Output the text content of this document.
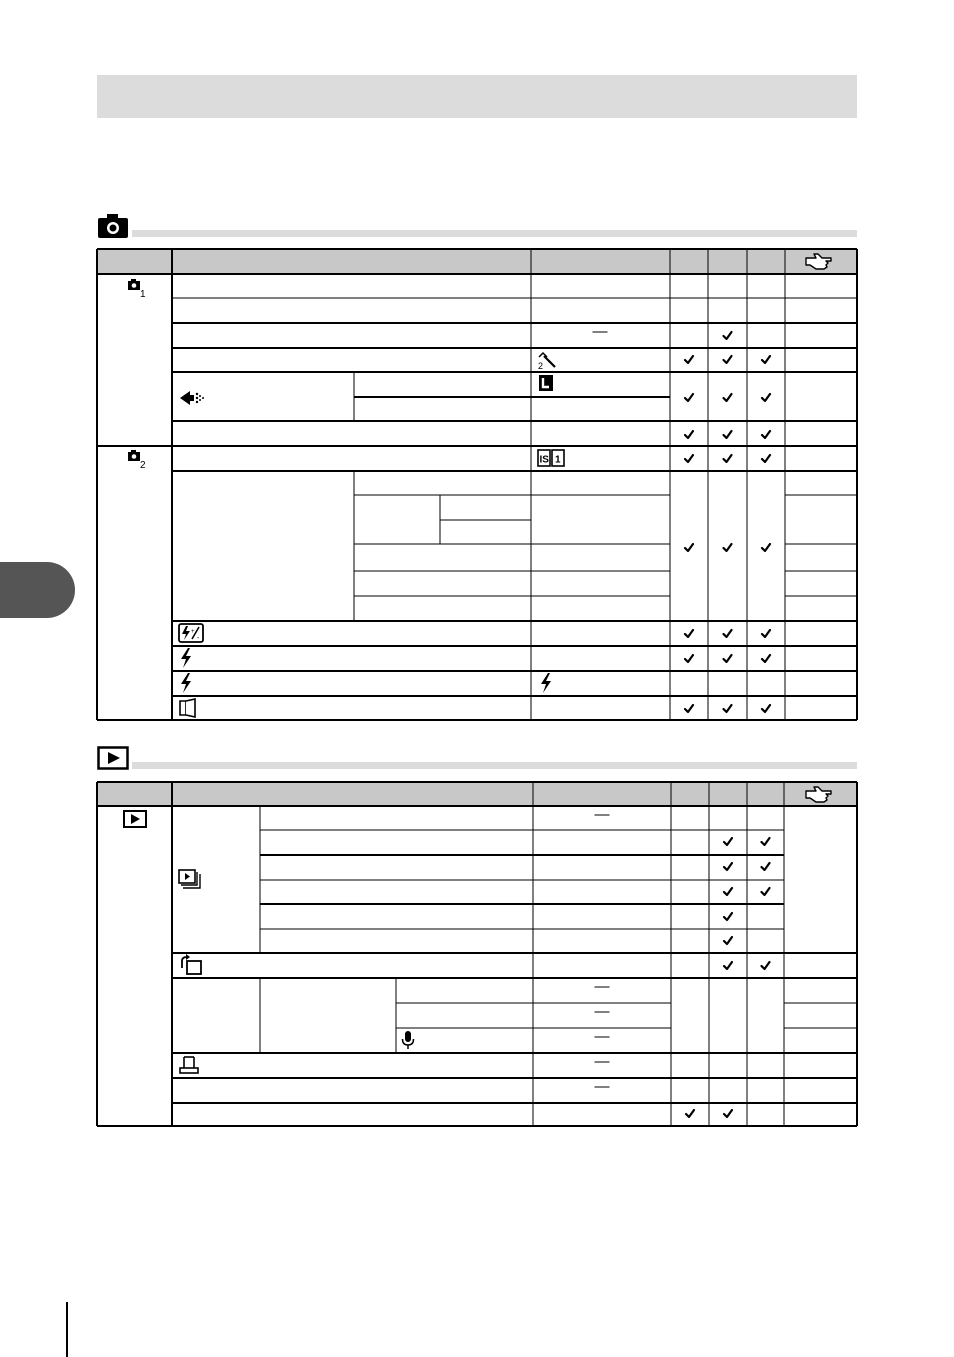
1
2
2
IS 1
+
-
—
—
—
—
—
—
—
